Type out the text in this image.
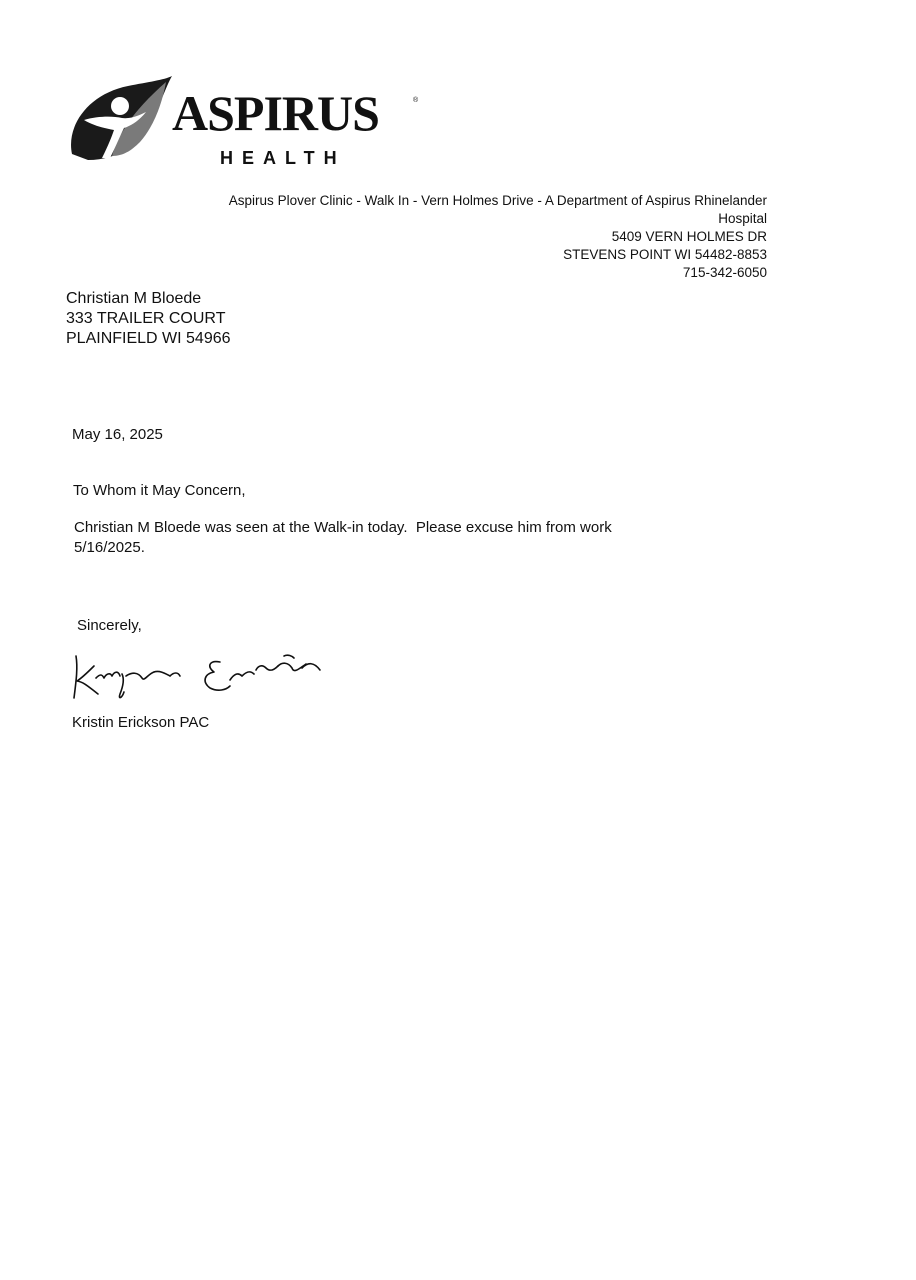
ASPIRUS	®
HEALTH
Aspirus Plover Clinic - Walk In - Vern Holmes Drive - A Department of Aspirus Rhinelander
Hospital
5409 VERN HOLMES DR
STEVENS POINT WI 54482-8853
715-342-6050
Christian M Bloede
333 TRAILER COURT
PLAINFIELD WI 54966
May 16, 2025
To Whom it May Concern,
Christian M Bloede was seen at the Walk-in today.  Please excuse him from work
5/16/2025.
Sincerely,
Kristin Erickson PAC
